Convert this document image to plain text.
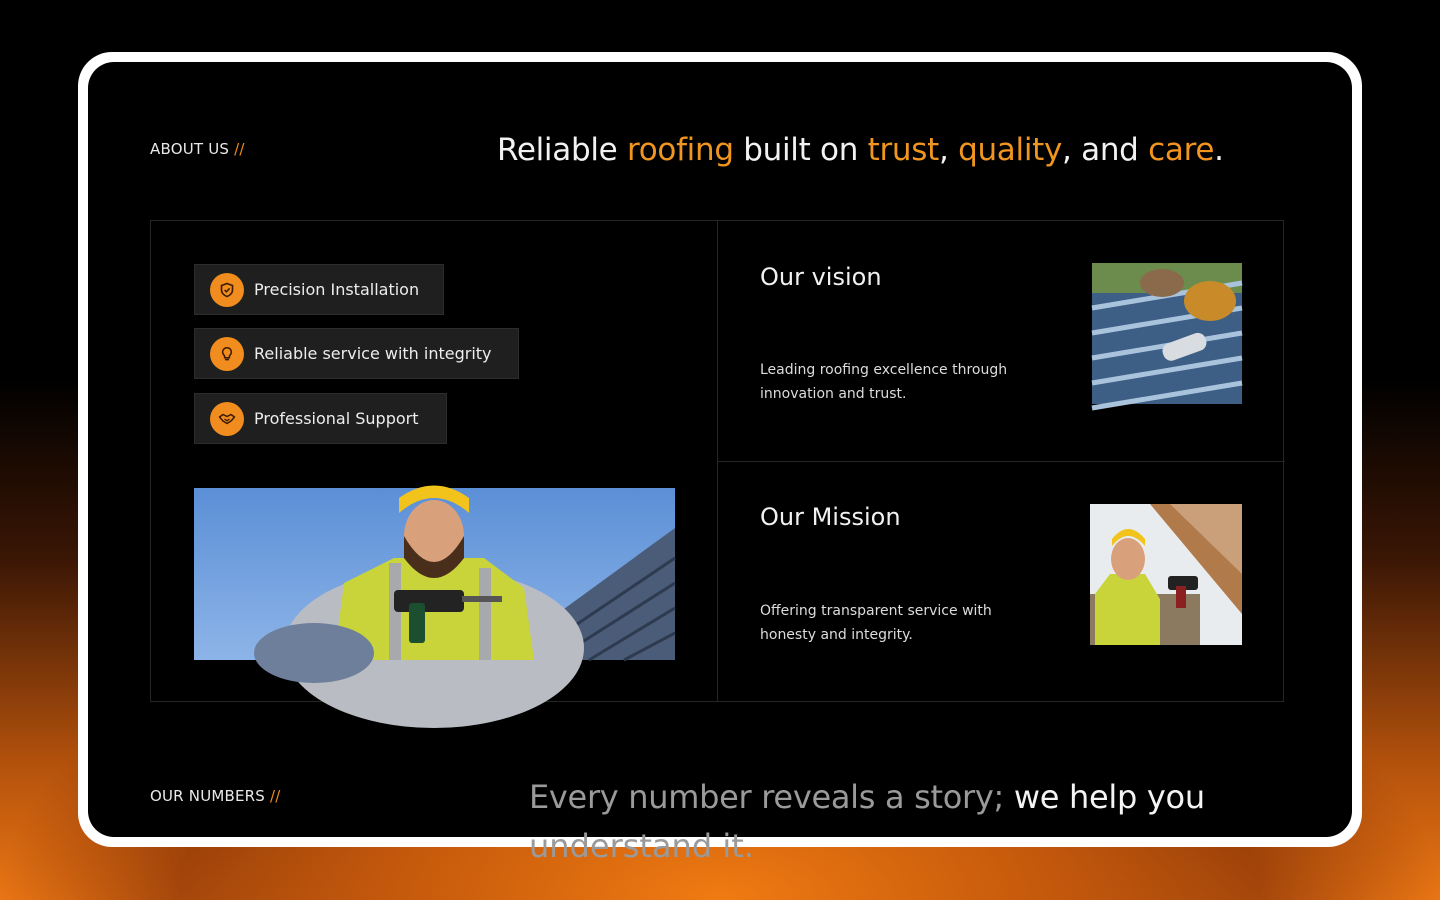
ABOUT US //	Reliable roofing built on trust, quality, and care.
Precision Installation
Reliable service with integrity
Professional Support
Our vision
Leading roofing excellence through innovation and trust.
Our Mission
Offering transparent service with honesty and integrity.
OUR NUMBERS //	Every number reveals a story; we help you
understand it.
